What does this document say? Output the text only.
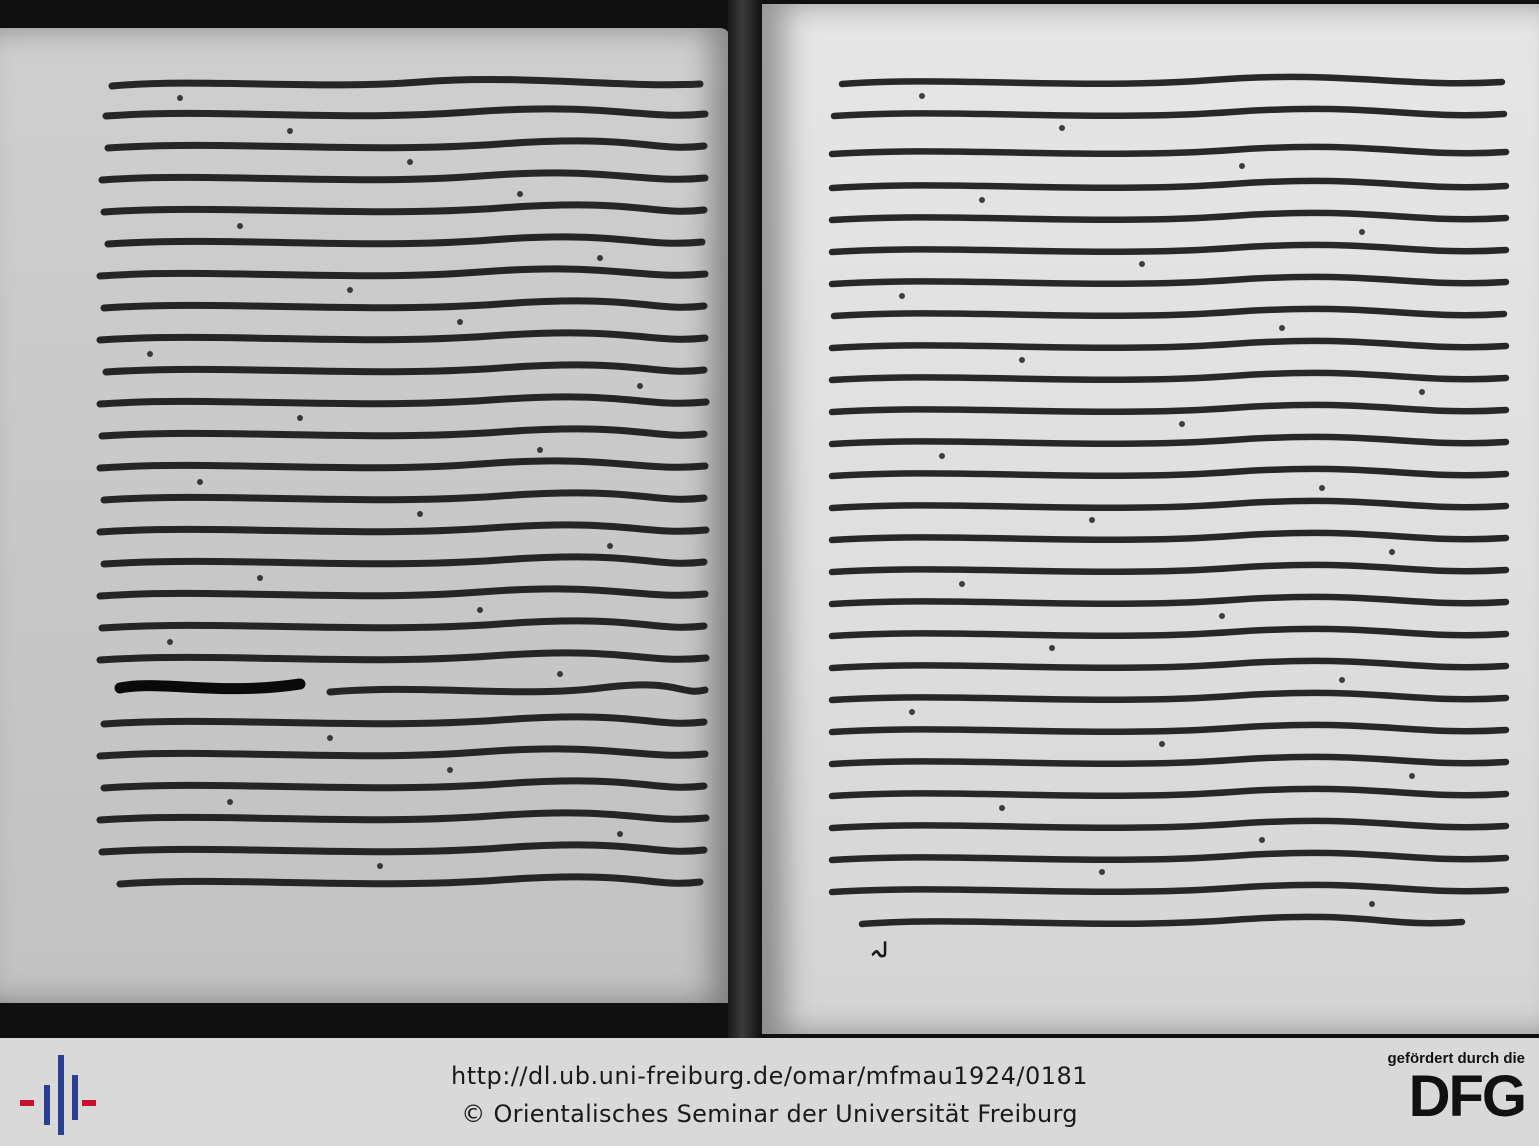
لہ
http://dl.ub.uni-freiburg.de/omar/mfmau1924/0181
© Orientalisches Seminar der Universität Freiburg
gefördert durch die
DFG
